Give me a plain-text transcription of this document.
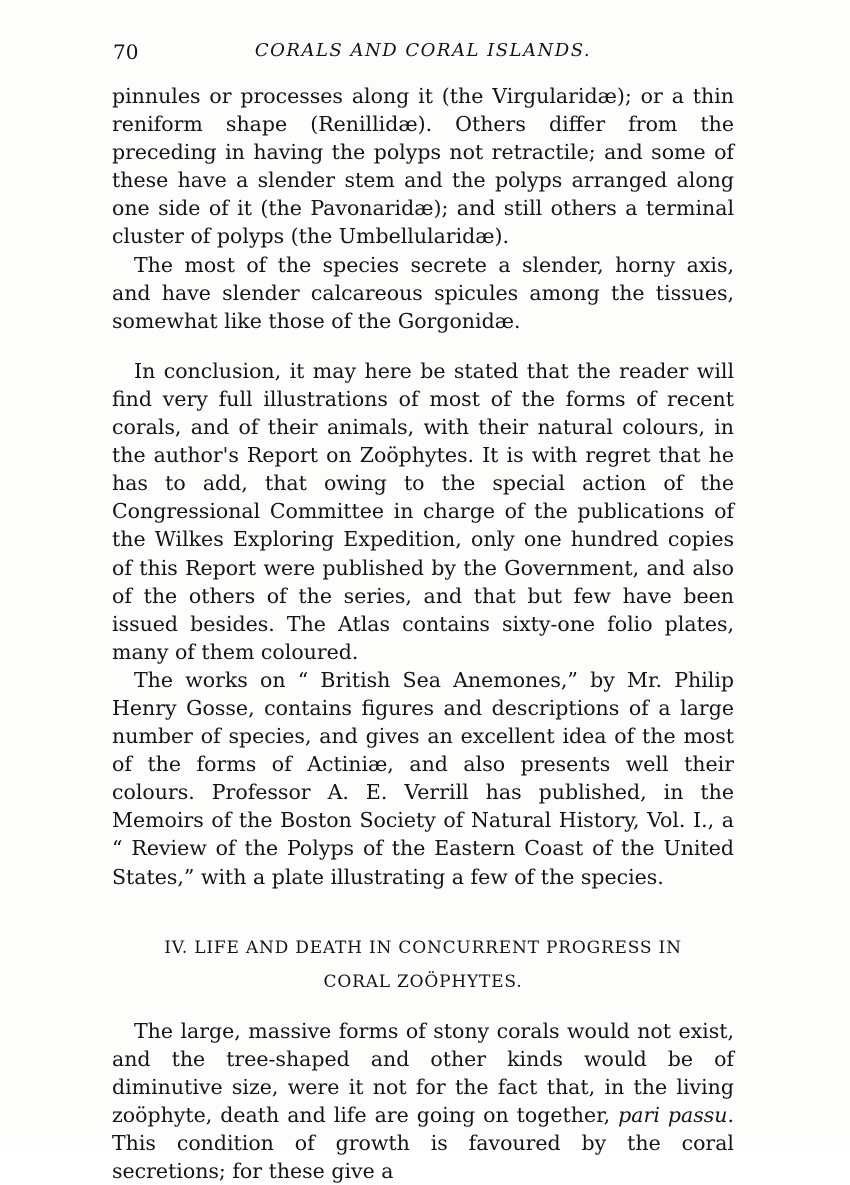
70	CORALS AND CORAL ISLANDS.

pinnules or processes along it (the Virgularidæ); or a thin reniform shape (Renillidæ). Others differ from the preceding in having the polyps not retractile; and some of these have a slender stem and the polyps arranged along one side of it (the Pavonaridæ); and still others a terminal cluster of polyps (the Umbellularidæ).

The most of the species secrete a slender, horny axis, and have slender calcareous spicules among the tissues, somewhat like those of the Gorgonidæ.

In conclusion, it may here be stated that the reader will find very full illustrations of most of the forms of recent corals, and of their animals, with their natural colours, in the author's Report on Zoöphytes. It is with regret that he has to add, that owing to the special action of the Congressional Committee in charge of the publications of the Wilkes Exploring Expedition, only one hundred copies of this Report were published by the Government, and also of the others of the series, and that but few have been issued besides. The Atlas contains sixty-one folio plates, many of them coloured.

The works on “ British Sea Anemones,” by Mr. Philip Henry Gosse, contains figures and descriptions of a large number of species, and gives an excellent idea of the most of the forms of Actiniæ, and also presents well their colours. Professor A. E. Verrill has published, in the Memoirs of the Boston Society of Natural History, Vol. I., a “ Review of the Polyps of the Eastern Coast of the United States,” with a plate illustrating a few of the species.

IV. LIFE AND DEATH IN CONCURRENT PROGRESS IN
CORAL ZOÖPHYTES.

The large, massive forms of stony corals would not exist, and the tree-shaped and other kinds would be of diminutive size, were it not for the fact that, in the living zoöphyte, death and life are going on together, pari passu. This condition of growth is favoured by the coral secretions; for these give a
